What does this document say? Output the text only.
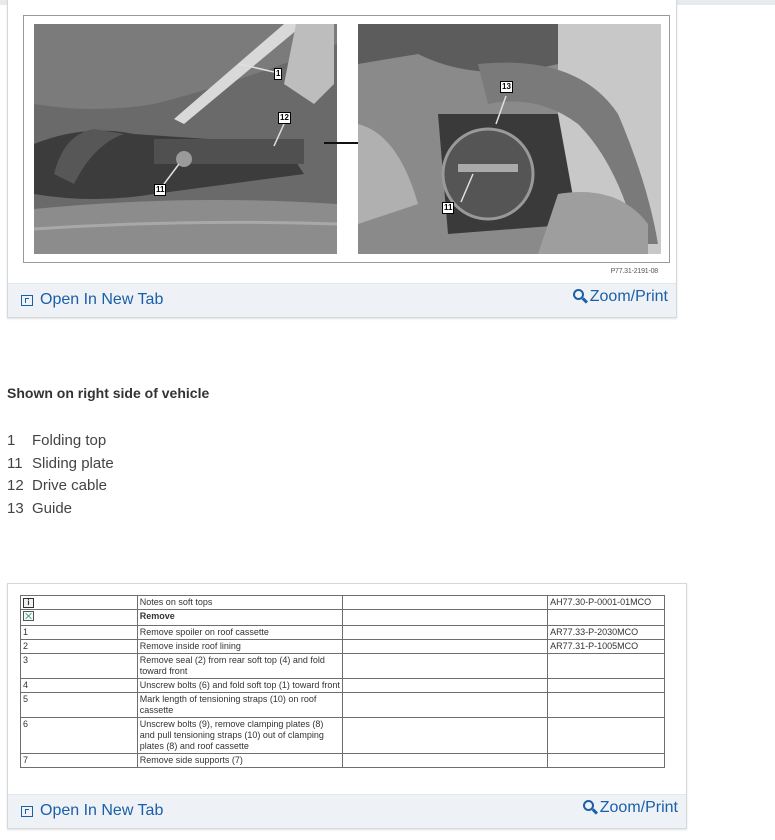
1
12
11
13
11
P77.31-2191-08
Open In New Tab	Zoom/Print
Shown on right side of vehicle
1	Folding top
11 Sliding plate
12 Drive cable
13 Guide
i	Notes on soft tops		AH77.30-P-0001-01MCO
	Remove		
1	Remove spoiler on roof cassette		AR77.33-P-2030MCO
2	Remove inside roof lining		AR77.31-P-1005MCO
3	Remove seal (2) from rear soft top (4) and fold toward front		
4	Unscrew bolts (6) and fold soft top (1) toward front		
5	Mark length of tensioning straps (10) on roof cassette		
6	Unscrew bolts (9), remove clamping plates (8) and pull tensioning straps (10) out of clamping plates (8) and roof cassette		
7	Remove side supports (7)		
Open In New Tab	Zoom/Print
